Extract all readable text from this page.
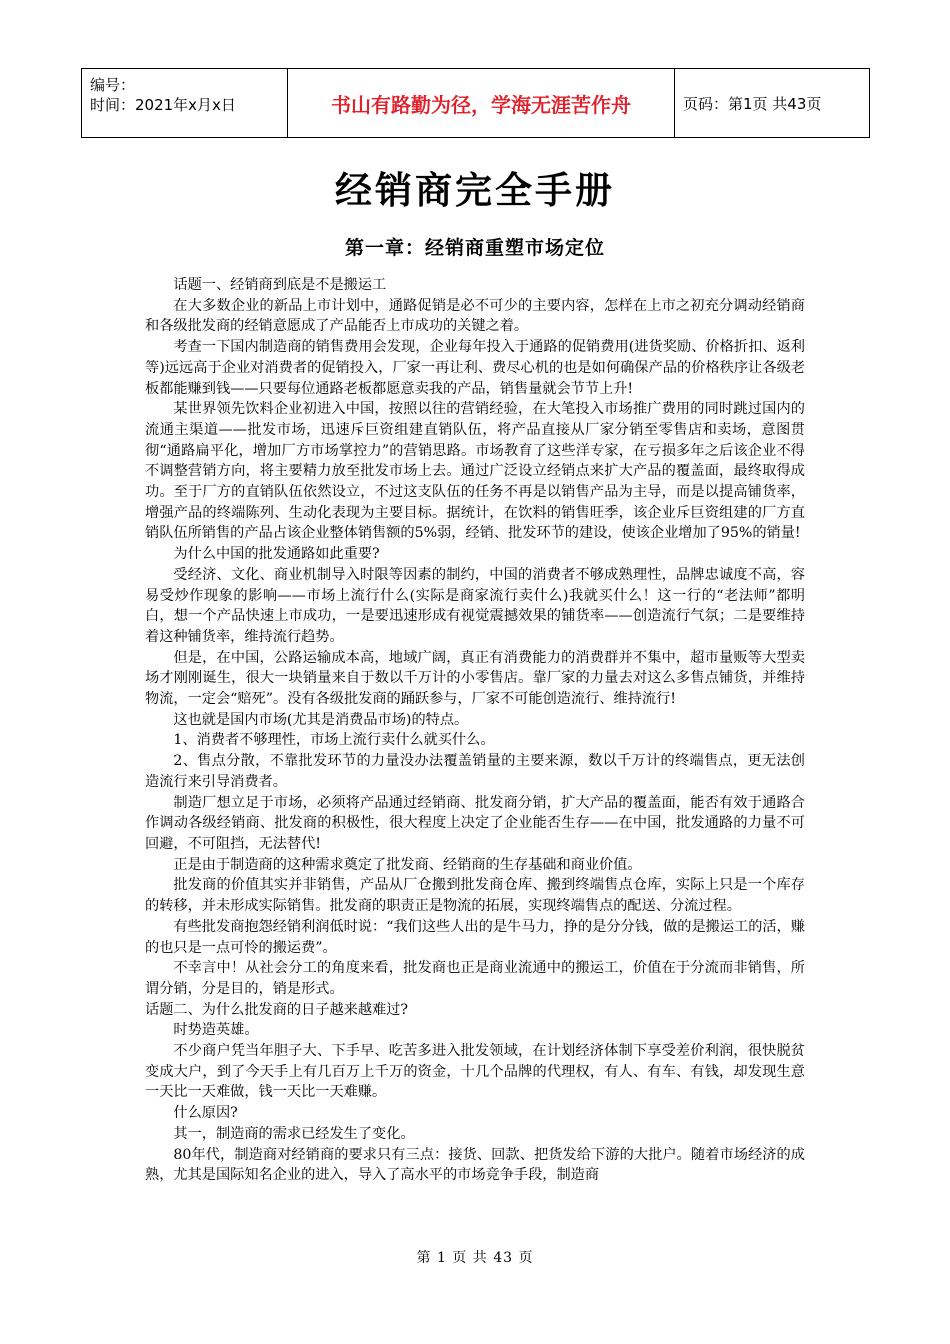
编号：
时间：2021年x月x日	书山有路勤为径，学海无涯苦作舟	页码：第1页 共43页
经销商完全手册
第一章：经销商重塑市场定位

话题一、经销商到底是不是搬运工

在大多数企业的新品上市计划中，通路促销是必不可少的主要内容，怎样在上市之初充分调动经销商和各级批发商的经销意愿成了产品能否上市成功的关键之着。

考查一下国内制造商的销售费用会发现，企业每年投入于通路的促销费用(进货奖励、价格折扣、返利等)远远高于企业对消费者的促销投入，厂家一再让利、费尽心机的也是如何确保产品的价格秩序让各级老板都能赚到钱——只要每位通路老板都愿意卖我的产品，销售量就会节节上升!

某世界领先饮料企业初进入中国，按照以往的营销经验，在大笔投入市场推广费用的同时跳过国内的流通主渠道——批发市场，迅速斥巨资组建直销队伍，将产品直接从厂家分销至零售店和卖场，意图贯彻“通路扁平化，增加厂方市场掌控力”的营销思路。市场教育了这些洋专家，在亏损多年之后该企业不得不调整营销方向，将主要精力放至批发市场上去。通过广泛设立经销点来扩大产品的覆盖面，最终取得成功。至于厂方的直销队伍依然设立，不过这支队伍的任务不再是以销售产品为主导，而是以提高铺货率，增强产品的终端陈列、生动化表现为主要目标。据统计，在饮料的销售旺季，该企业斥巨资组建的厂方直销队伍所销售的产品占该企业整体销售额的5%弱，经销、批发环节的建设，使该企业增加了95%的销量!

为什么中国的批发通路如此重要?

受经济、文化、商业机制导入时限等因素的制约，中国的消费者不够成熟理性，品牌忠诚度不高，容易受炒作现象的影响——市场上流行什么(实际是商家流行卖什么)我就买什么！这一行的“老法师”都明白，想一个产品快速上市成功，一是要迅速形成有视觉震撼效果的铺货率——创造流行气氛；二是要维持着这种铺货率，维持流行趋势。

但是，在中国，公路运输成本高，地域广阔，真正有消费能力的消费群并不集中，超市量贩等大型卖场才刚刚诞生，很大一块销量来自于数以千万计的小零售店。靠厂家的力量去对这么多售点铺货，并维持物流，一定会“赔死”。没有各级批发商的踊跃参与，厂家不可能创造流行、维持流行!

这也就是国内市场(尤其是消费品市场)的特点。

1、消费者不够理性，市场上流行卖什么就买什么。

2、售点分散，不靠批发环节的力量没办法覆盖销量的主要来源，数以千万计的终端售点，更无法创造流行来引导消费者。

制造厂想立足于市场，必须将产品通过经销商、批发商分销，扩大产品的覆盖面，能否有效于通路合作调动各级经销商、批发商的积极性，很大程度上决定了企业能否生存——在中国，批发通路的力量不可回避，不可阻挡，无法替代!

正是由于制造商的这种需求奠定了批发商、经销商的生存基础和商业价值。

批发商的价值其实并非销售，产品从厂仓搬到批发商仓库、搬到终端售点仓库，实际上只是一个库存的转移，并未形成实际销售。批发商的职责正是物流的拓展，实现终端售点的配送、分流过程。

有些批发商抱怨经销利润低时说：“我们这些人出的是牛马力，挣的是分分钱，做的是搬运工的活，赚的也只是一点可怜的搬运费”。

不幸言中！从社会分工的角度来看，批发商也正是商业流通中的搬运工，价值在于分流而非销售，所谓分销，分是目的，销是形式。

话题二、为什么批发商的日子越来越难过?

时势造英雄。

不少商户凭当年胆子大、下手早、吃苦多进入批发领域，在计划经济体制下享受差价利润，很快脱贫变成大户，到了今天手上有几百万上千万的资金，十几个品牌的代理权，有人、有车、有钱，却发现生意一天比一天难做，钱一天比一天难赚。

什么原因?

其一，制造商的需求已经发生了变化。

80年代，制造商对经销商的要求只有三点：接货、回款、把货发给下游的大批户。随着市场经济的成熟，尤其是国际知名企业的进入，导入了高水平的市场竞争手段，制造商

第 1 页 共 43 页
